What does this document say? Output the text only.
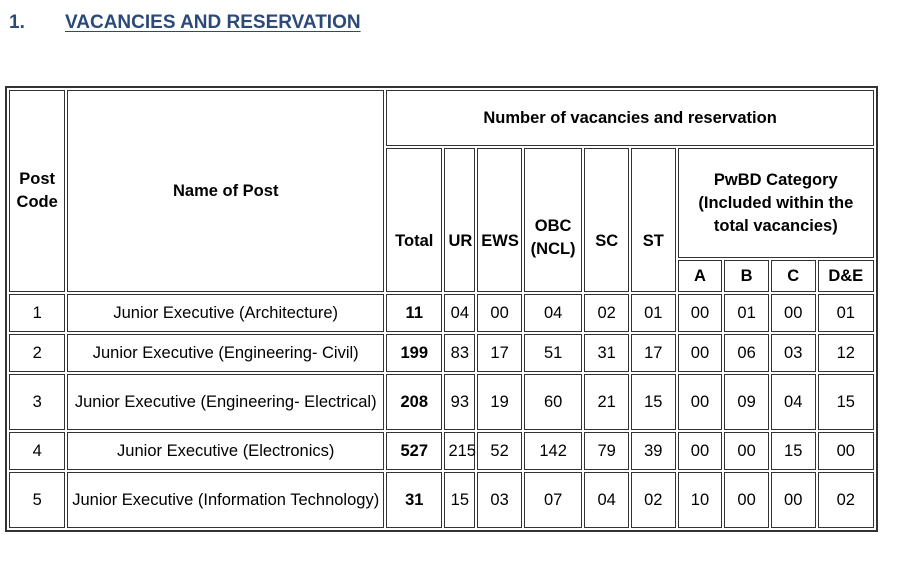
1.	VACANCIES AND RESERVATION
Post Code	Name of Post	Number of vacancies and reservation									
		Total	UR	EWS	OBC (NCL)	SC	ST	PwBD Category (Included within the total vacancies)			
								A	B	C	D&E
1	Junior Executive (Architecture)	11	04	00	04	02	01	00	01	00	01
2	Junior Executive (Engineering- Civil)	199	83	17	51	31	17	00	06	03	12
3	Junior Executive (Engineering- Electrical)	208	93	19	60	21	15	00	09	04	15
4	Junior Executive (Electronics)	527	215	52	142	79	39	00	00	15	00
5	Junior Executive (Information Technology)	31	15	03	07	04	02	10	00	00	02
